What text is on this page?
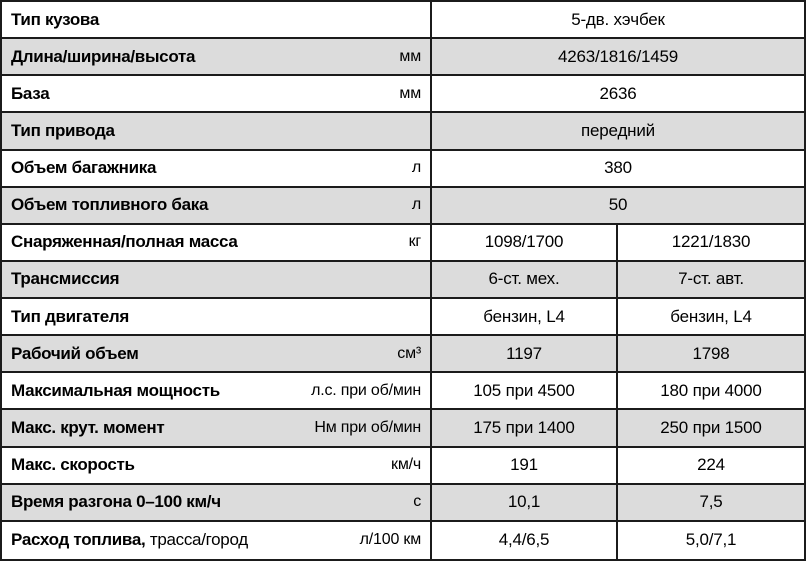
Тип кузова	5-дв. хэчбек
Длина/ширина/высота	мм	4263/1816/1459
База	мм	2636
Тип привода	передний
Объем багажника	л	380
Объем топливного бака	л	50
Снаряженная/полная масса	кг	1098/1700	1221/1830
Трансмиссия	6-ст. мех.	7-ст. авт.
Тип двигателя	бензин, L4	бензин, L4
Рабочий объем	см³	1197	1798
Максимальная мощность	л.с. при об/мин	105 при 4500	180 при 4000
Макс. крут. момент	Нм при об/мин	175 при 1400	250 при 1500
Макс. скорость	км/ч	191	224
Время разгона 0–100 км/ч	с	10,1	7,5
Расход топлива, трасса/город	л/100 км	4,4/6,5	5,0/7,1
